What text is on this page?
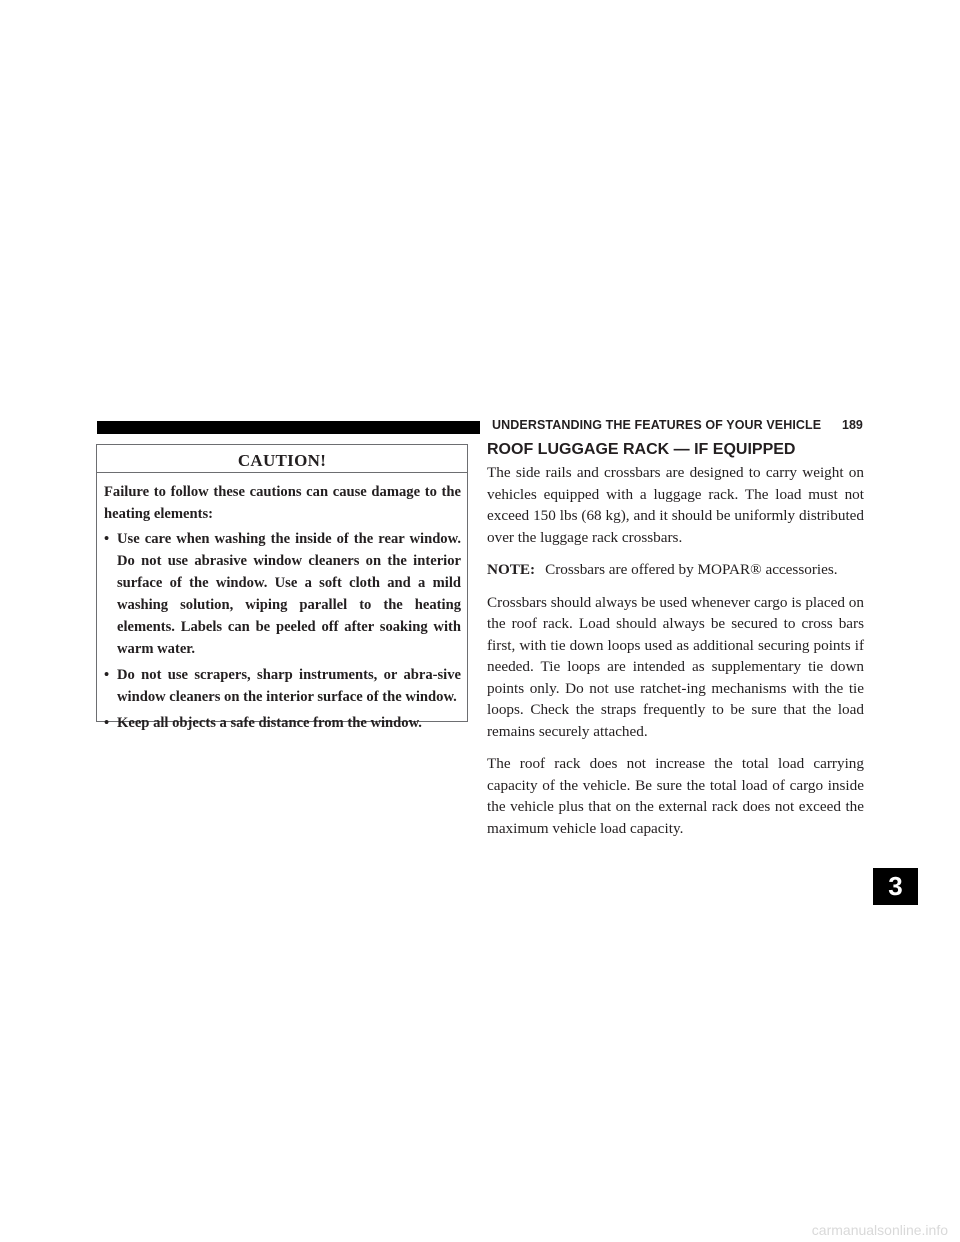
UNDERSTANDING THE FEATURES OF YOUR VEHICLE 189
CAUTION!

Failure to follow these cautions can cause damage to the heating elements:

• Use care when washing the inside of the rear window. Do not use abrasive window cleaners on the interior surface of the window. Use a soft cloth and a mild washing solution, wiping parallel to the heating elements. Labels can be peeled off after soaking with warm water.
• Do not use scrapers, sharp instruments, or abra-sive window cleaners on the interior surface of the window.
• Keep all objects a safe distance from the window.
ROOF LUGGAGE RACK — IF EQUIPPED

The side rails and crossbars are designed to carry weight on vehicles equipped with a luggage rack. The load must not exceed 150 lbs (68 kg), and it should be uniformly distributed over the luggage rack crossbars.

NOTE: Crossbars are offered by MOPAR® accessories.

Crossbars should always be used whenever cargo is placed on the roof rack. Load should always be secured to cross bars first, with tie down loops used as additional securing points if needed. Tie loops are intended as supplementary tie down points only. Do not use ratchet-ing mechanisms with the tie loops. Check the straps frequently to be sure that the load remains securely attached.

The roof rack does not increase the total load carrying capacity of the vehicle. Be sure the total load of cargo inside the vehicle plus that on the external rack does not exceed the maximum vehicle load capacity.

3
carmanualsonline.info
